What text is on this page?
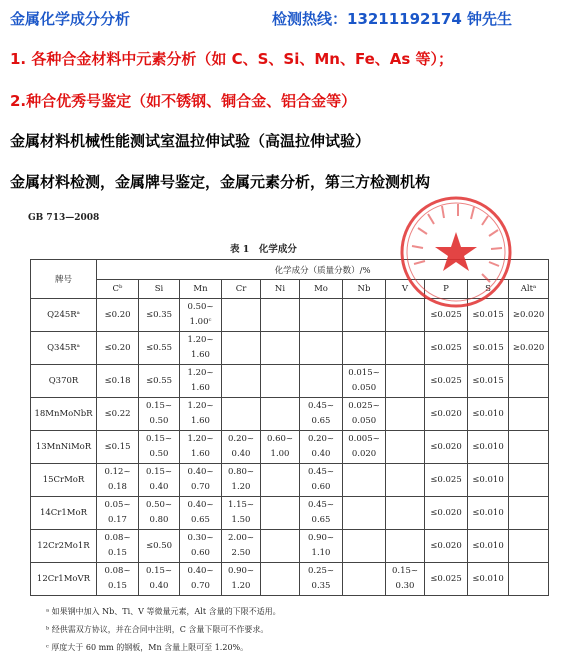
金属化学成分分析	检测热线：13211192174 钟先生
1. 各种合金材料中元素分析（如 C、S、Si、Mn、Fe、As 等）；
2.种合优秀号鉴定（如不锈钢、铜合金、铝合金等）
金属材料机械性能测试室温拉伸试验（高温拉伸试验）
金属材料检测，金属牌号鉴定，金属元素分析，第三方检测机构
GB 713—2008
表 1　化学成分
牌号	化学成分（质量分数）/%										
	Cᵇ	Si	Mn	Cr	Ni	Mo	Nb	V	P	S	Altᵃ
Q245Rᵃ	≤0.20	≤0.35	0.50~
1.00ᶜ						≤0.025	≤0.015	≥0.020
Q345Rᵃ	≤0.20	≤0.55	1.20~
1.60						≤0.025	≤0.015	≥0.020
Q370R	≤0.18	≤0.55	1.20~
1.60				0.015~
0.050		≤0.025	≤0.015	
18MnMoNbR	≤0.22	0.15~
0.50	1.20~
1.60			0.45~
0.65	0.025~
0.050		≤0.020	≤0.010	
13MnNiMoR	≤0.15	0.15~
0.50	1.20~
1.60	0.20~
0.40	0.60~
1.00	0.20~
0.40	0.005~
0.020		≤0.020	≤0.010	
15CrMoR	0.12~
0.18	0.15~
0.40	0.40~
0.70	0.80~
1.20		0.45~
0.60			≤0.025	≤0.010	
14Cr1MoR	0.05~
0.17	0.50~
0.80	0.40~
0.65	1.15~
1.50		0.45~
0.65			≤0.020	≤0.010	
12Cr2Mo1R	0.08~
0.15	≤0.50	0.30~
0.60	2.00~
2.50		0.90~
1.10			≤0.020	≤0.010	
12Cr1MoVR	0.08~
0.15	0.15~
0.40	0.40~
0.70	0.90~
1.20		0.25~
0.35		0.15~
0.30	≤0.025	≤0.010	
ᵃ 如果钢中加入 Nb、Ti、V 等微量元素，Alt 含量的下限不适用。
ᵇ 经供需双方协议，并在合同中注明，C 含量下限可不作要求。
ᶜ 厚度大于 60 mm 的钢板，Mn 含量上限可至 1.20%。
